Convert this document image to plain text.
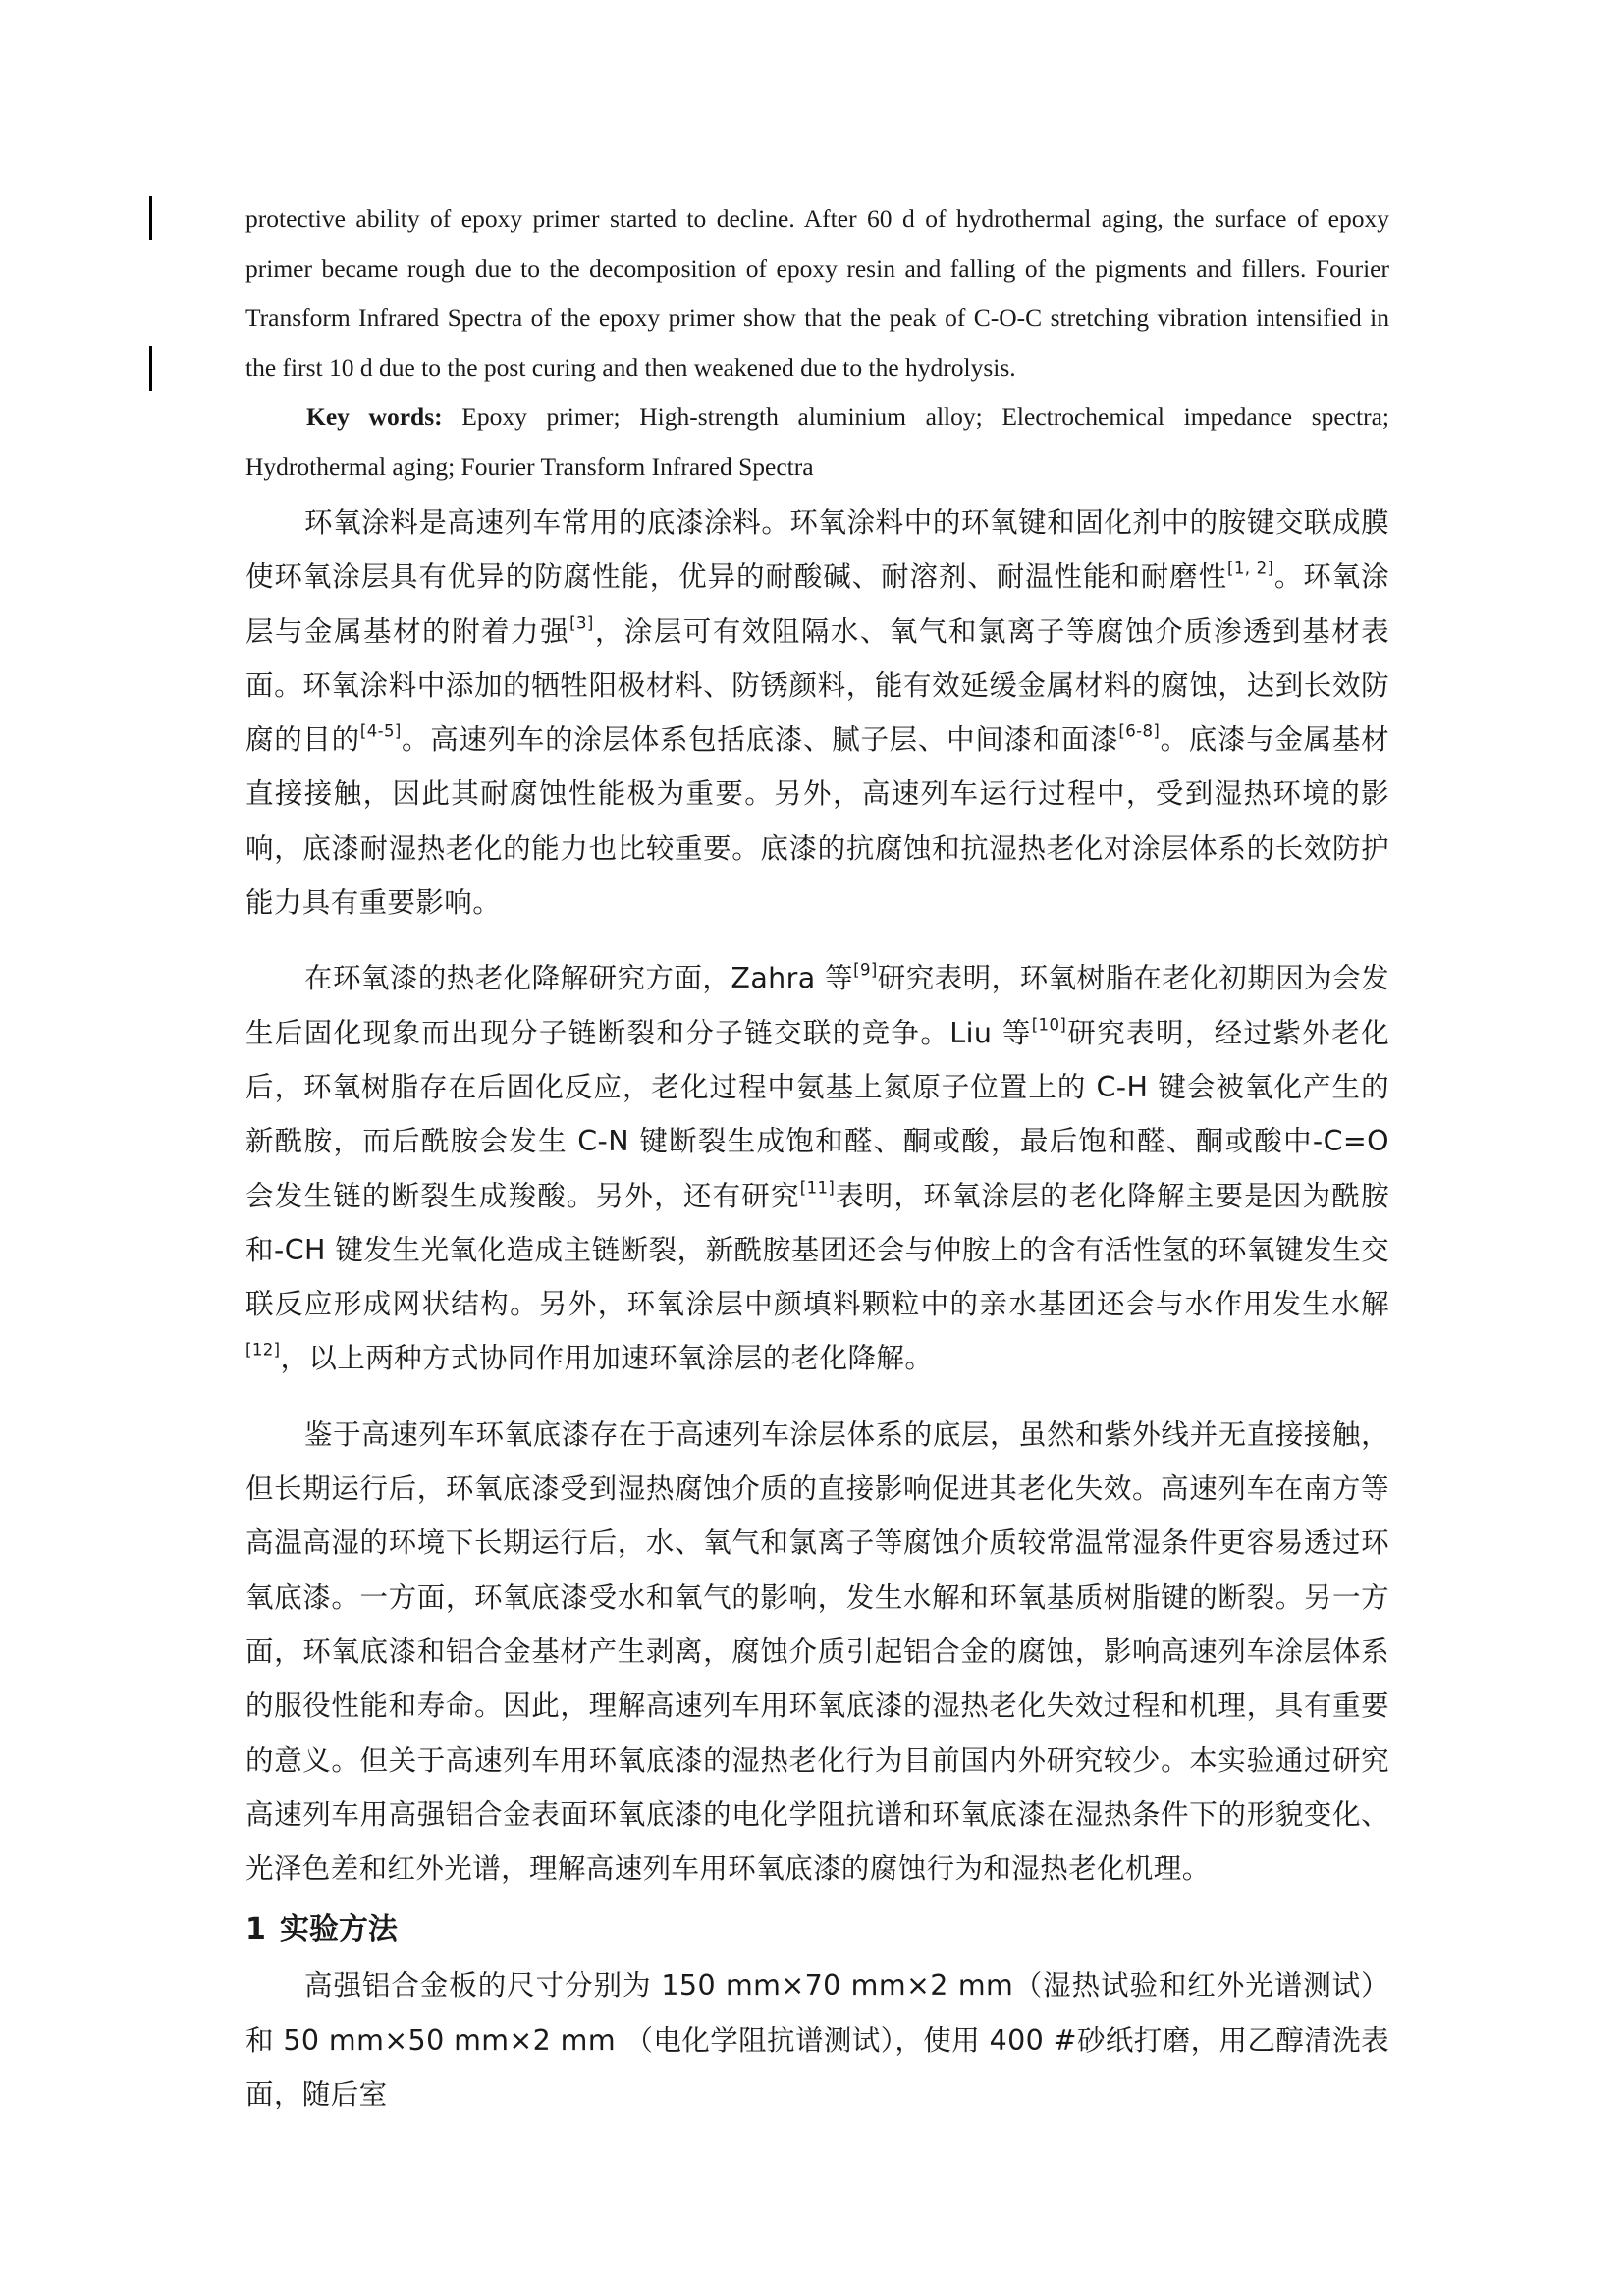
protective ability of epoxy primer started to decline. After 60 d of hydrothermal aging, the surface of epoxy primer became rough due to the decomposition of epoxy resin and falling of the pigments and fillers. Fourier Transform Infrared Spectra of the epoxy primer show that the peak of C-O-C stretching vibration intensified in the first 10 d due to the post curing and then weakened due to the hydrolysis.

Key words: Epoxy primer; High-strength aluminium alloy; Electrochemical impedance spectra; Hydrothermal aging; Fourier Transform Infrared Spectra

环氧涂料是高速列车常用的底漆涂料。环氧涂料中的环氧键和固化剂中的胺键交联成膜使环氧涂层具有优异的防腐性能，优异的耐酸碱、耐溶剂、耐温性能和耐磨性[1, 2]。环氧涂层与金属基材的附着力强[3]，涂层可有效阻隔水、氧气和氯离子等腐蚀介质渗透到基材表面。环氧涂料中添加的牺牲阳极材料、防锈颜料，能有效延缓金属材料的腐蚀，达到长效防腐的目的[4-5]。高速列车的涂层体系包括底漆、腻子层、中间漆和面漆[6-8]。底漆与金属基材直接接触，因此其耐腐蚀性能极为重要。另外，高速列车运行过程中，受到湿热环境的影响，底漆耐湿热老化的能力也比较重要。底漆的抗腐蚀和抗湿热老化对涂层体系的长效防护能力具有重要影响。

在环氧漆的热老化降解研究方面，Zahra 等[9]研究表明，环氧树脂在老化初期因为会发生后固化现象而出现分子链断裂和分子链交联的竞争。Liu 等[10]研究表明，经过紫外老化后，环氧树脂存在后固化反应，老化过程中氨基上氮原子位置上的 C-H 键会被氧化产生的新酰胺，而后酰胺会发生 C-N 键断裂生成饱和醛、酮或酸，最后饱和醛、酮或酸中-C=O 会发生链的断裂生成羧酸。另外，还有研究[11]表明，环氧涂层的老化降解主要是因为酰胺和-CH 键发生光氧化造成主链断裂，新酰胺基团还会与仲胺上的含有活性氢的环氧键发生交联反应形成网状结构。另外，环氧涂层中颜填料颗粒中的亲水基团还会与水作用发生水解[12]，以上两种方式协同作用加速环氧涂层的老化降解。

鉴于高速列车环氧底漆存在于高速列车涂层体系的底层，虽然和紫外线并无直接接触，但长期运行后，环氧底漆受到湿热腐蚀介质的直接影响促进其老化失效。高速列车在南方等高温高湿的环境下长期运行后，水、氧气和氯离子等腐蚀介质较常温常湿条件更容易透过环氧底漆。一方面，环氧底漆受水和氧气的影响，发生水解和环氧基质树脂键的断裂。另一方面，环氧底漆和铝合金基材产生剥离，腐蚀介质引起铝合金的腐蚀，影响高速列车涂层体系的服役性能和寿命。因此，理解高速列车用环氧底漆的湿热老化失效过程和机理，具有重要的意义。但关于高速列车用环氧底漆的湿热老化行为目前国内外研究较少。本实验通过研究高速列车用高强铝合金表面环氧底漆的电化学阻抗谱和环氧底漆在湿热条件下的形貌变化、光泽色差和红外光谱，理解高速列车用环氧底漆的腐蚀行为和湿热老化机理。

1 实验方法

高强铝合金板的尺寸分别为 150 mm×70 mm×2 mm（湿热试验和红外光谱测试）和 50 mm×50 mm×2 mm （电化学阻抗谱测试），使用 400 #砂纸打磨，用乙醇清洗表面，随后室
